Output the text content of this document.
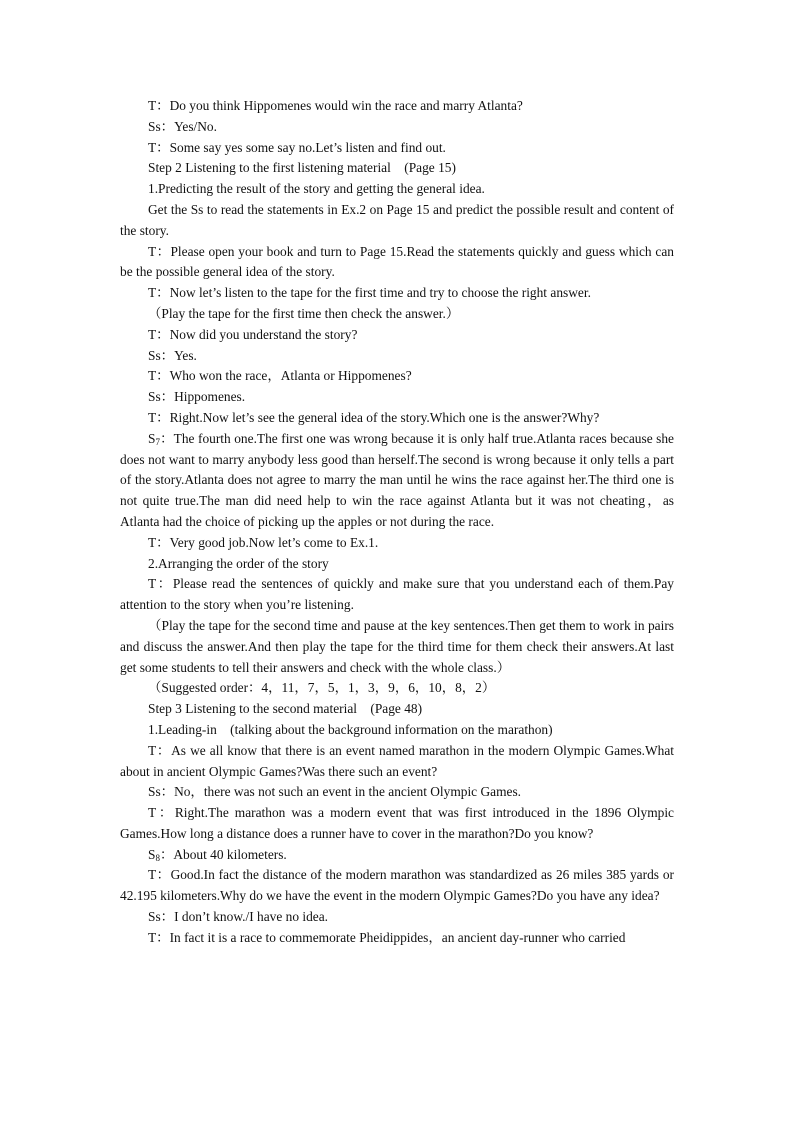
T：Do you think Hippomenes would win the race and marry Atlanta?

Ss：Yes/No.

T：Some say yes some say no.Let’s listen and find out.

Step 2 Listening to the first listening material　(Page 15)

1.Predicting the result of the story and getting the general idea.

Get the Ss to read the statements in Ex.2 on Page 15 and predict the possible result and content of the story.

T：Please open your book and turn to Page 15.Read the statements quickly and guess which can be the possible general idea of the story.

T：Now let’s listen to the tape for the first time and try to choose the right answer.

（Play the tape for the first time then check the answer.）

T：Now did you understand the story?

Ss：Yes.

T：Who won the race，Atlanta or Hippomenes?

Ss：Hippomenes.

T：Right.Now let’s see the general idea of the story.Which one is the answer?Why?

$S_7$：The fourth one.The first one was wrong because it is only half true.Atlanta races because she does not want to marry anybody less good than herself.The second is wrong because it only tells a part of the story.Atlanta does not agree to marry the man until he wins the race against her.The third one is not quite true.The man did need help to win the race against Atlanta but it was not cheating，as Atlanta had the choice of picking up the apples or not during the race.

T：Very good job.Now let’s come to Ex.1.

2.Arranging the order of the story

T：Please read the sentences of quickly and make sure that you understand each of them.Pay attention to the story when you’re listening.

（Play the tape for the second time and pause at the key sentences.Then get them to work in pairs and discuss the answer.And then play the tape for the third time for them check their answers.At last get some students to tell their answers and check with the whole class.）

（Suggested order：4，11，7，5，1，3，9，6，10，8，2）

Step 3 Listening to the second material　(Page 48)

1.Leading-in　(talking about the background information on the marathon)

T：As we all know that there is an event named marathon in the modern Olympic Games.What about in ancient Olympic Games?Was there such an event?

Ss：No，there was not such an event in the ancient Olympic Games.

T：Right.The marathon was a modern event that was first introduced in the 1896 Olympic Games.How long a distance does a runner have to cover in the marathon?Do you know?

$S_8$：About 40 kilometers.

T：Good.In fact the distance of the modern marathon was standardized as 26 miles 385 yards or 42.195 kilometers.Why do we have the event in the modern Olympic Games?Do you have any idea?

Ss：I don’t know./I have no idea.

T：In fact it is a race to commemorate Pheidippides，an ancient day-runner who carried
